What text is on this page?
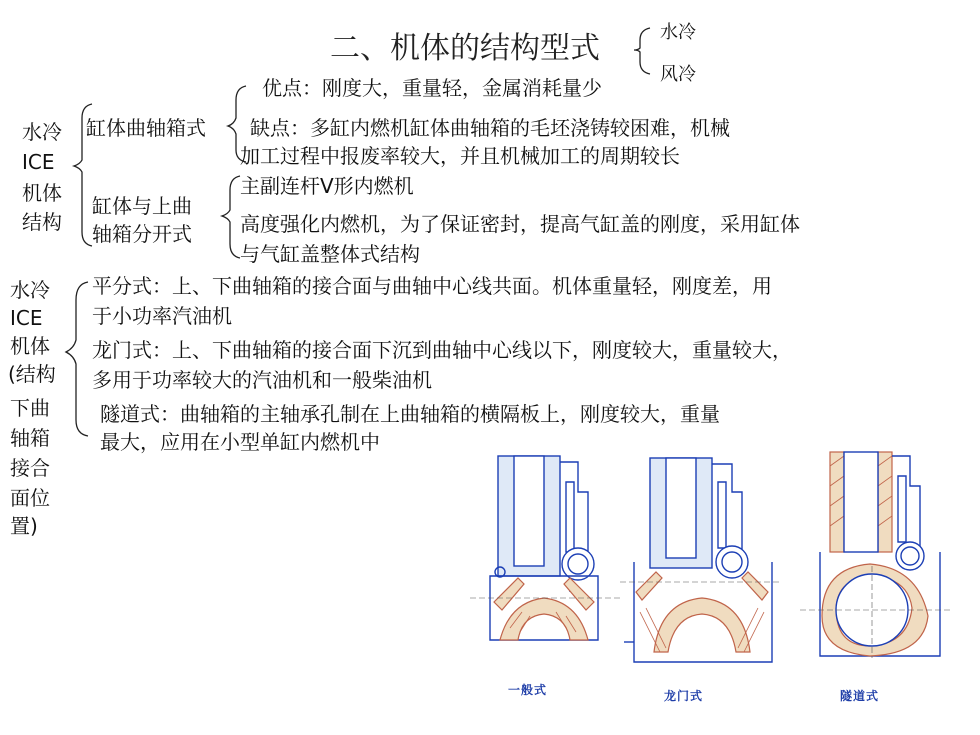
二、机体的结构型式	水冷
风冷
水冷
ICE
机体
结构
缸体曲轴箱式
优点：刚度大，重量轻，金属消耗量少
缺点：多缸内燃机缸体曲轴箱的毛坯浇铸较困难，机械
加工过程中报废率较大，并且机械加工的周期较长
缸体与上曲
轴箱分开式
主副连杆V形内燃机
高度强化内燃机，为了保证密封，提高气缸盖的刚度，采用缸体
与气缸盖整体式结构
水冷
ICE
机体
(结构
下曲
轴箱
接合
面位
置)
平分式：上、下曲轴箱的接合面与曲轴中心线共面。机体重量轻，刚度差，用
于小功率汽油机
龙门式：上、下曲轴箱的接合面下沉到曲轴中心线以下，刚度较大，重量较大，
多用于功率较大的汽油机和一般柴油机
隧道式：曲轴箱的主轴承孔制在上曲轴箱的横隔板上，刚度较大，重量
最大，应用在小型单缸内燃机中
一般式	龙门式	隧道式
